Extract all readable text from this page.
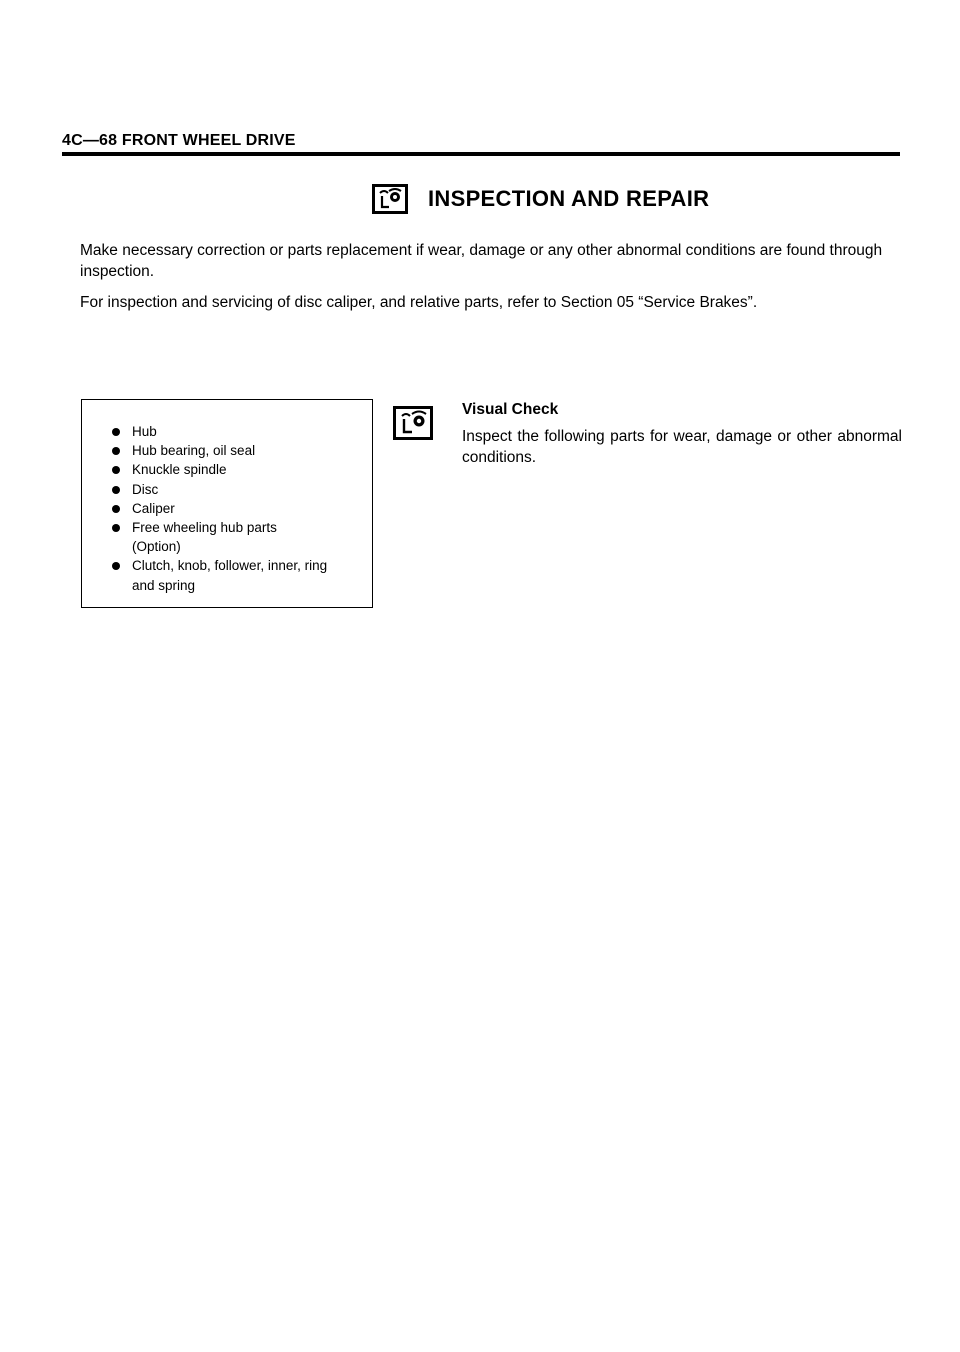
4C—68 FRONT WHEEL DRIVE
INSPECTION AND REPAIR

Make necessary correction or parts replacement if wear, damage or any other abnormal conditions are found through inspection.

For inspection and servicing of disc caliper, and relative parts, refer to Section 05 “Service Brakes”.

Hub
Hub bearing, oil seal
Knuckle spindle
Disc
Caliper
Free wheeling hub parts (Option)
Clutch, knob, follower, inner, ring and spring
Visual Check
Inspect the following parts for wear, damage or other abnormal conditions.
